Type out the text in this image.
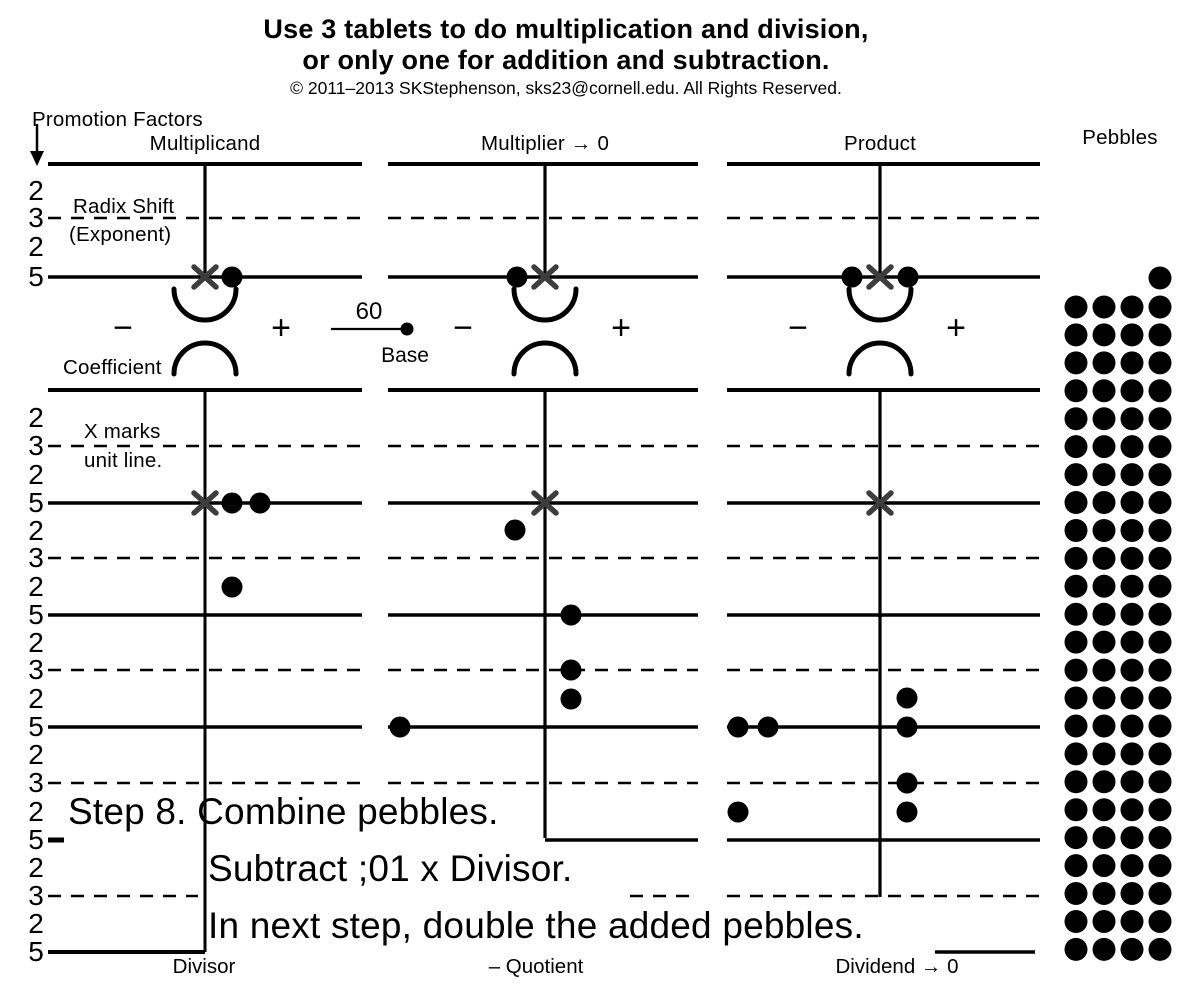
Use 3 tablets to do multiplication and division,
or only one for addition and subtraction.
© 2011–2013 SKStephenson, sks23@cornell.edu. All Rights Reserved.
Promotion Factors
Radix Shift
(Exponent)
Coefficient
X marks
unit line.
Pebbles
60
Base
Multiplicand
Divisor
−	+
Multiplier → 0
– Quotient
−	+
Product
Dividend → 0
−	+
2
3
2
5
2
3
2
5
2
3
2
5
2
3
2
5
2
3
2
5
2
3
2
5
Step 8. Combine pebbles.
Subtract ;01 x Divisor.
In next step, double the added pebbles.
